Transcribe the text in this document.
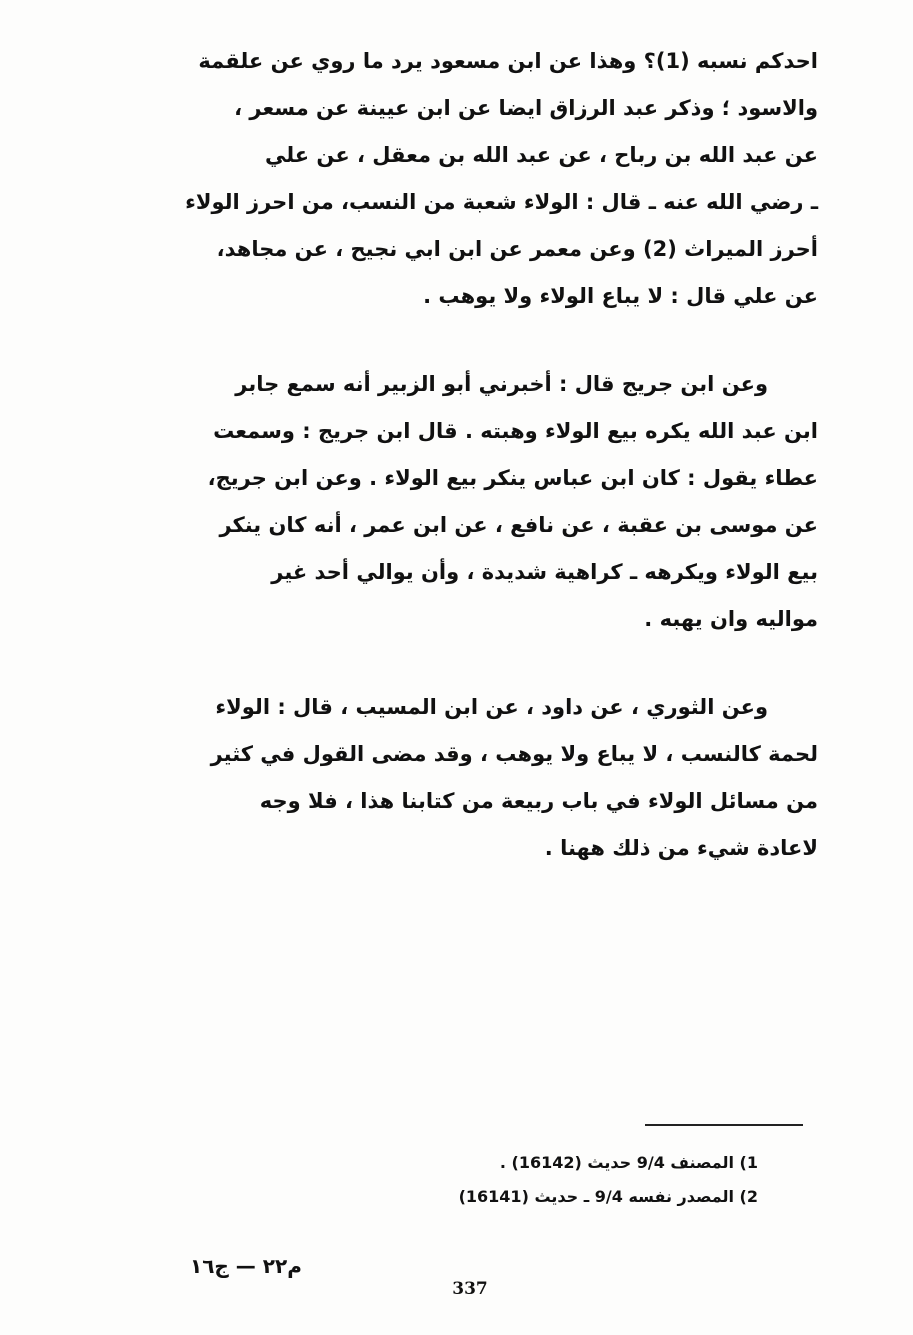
احدكم نسبه (1)؟ وهذا عن ابن مسعود يرد ما روي عن علقمة
والاسود ؛ وذكر عبد الرزاق ايضا عن ابن عيينة عن مسعر ،
عن عبد الله بن رباح ، عن عبد الله بن معقل ، عن علي
ـ رضي الله عنه ـ قال : الولاء شعبة من النسب، من احرز الولاء
أحرز الميراث (2) وعن معمر عن ابن ابي نجيح ، عن مجاهد،
عن علي قال : لا يباع الولاء ولا يوهب .
وعن ابن جريج قال : أخبرني أبو الزبير أنه سمع جابر
ابن عبد الله يكره بيع الولاء وهبته . قال ابن جريج : وسمعت
عطاء يقول : كان ابن عباس ينكر بيع الولاء . وعن ابن جريج،
عن موسى بن عقبة ، عن نافع ، عن ابن عمر ، أنه كان ينكر
بيع الولاء ويكرهه ـ كراهية شديدة ، وأن يوالي أحد غير
مواليه وان يهبه .
وعن الثوري ، عن داود ، عن ابن المسيب ، قال : الولاء
لحمة كالنسب ، لا يباع ولا يوهب ، وقد مضى القول في كثير
من مسائل الولاء في باب ربيعة من كتابنا هذا ، فلا وجه
لاعادة شيء من ذلك ههنا .
1) المصنف 9/4 حديث (16142) .
2) المصدر نفسه 9/4 ـ حديث (16141)
م٢٢ — ج١٦
337
